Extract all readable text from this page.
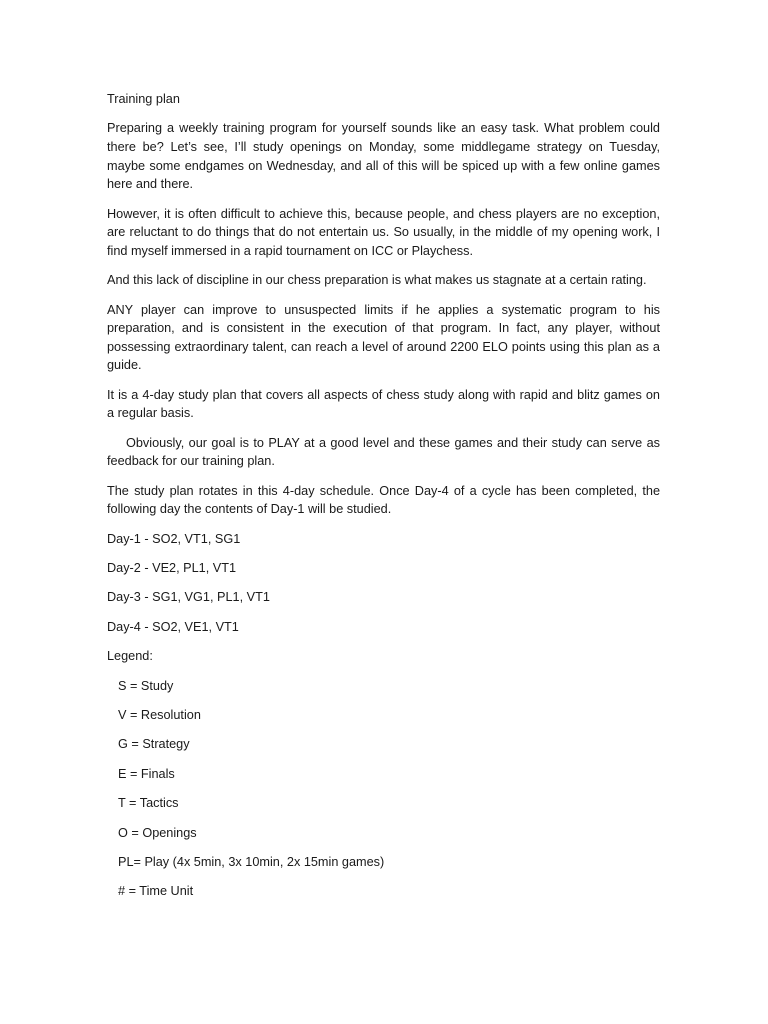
Training plan

Preparing a weekly training program for yourself sounds like an easy task. What problem could there be? Let’s see, I’ll study openings on Monday, some middlegame strategy on Tuesday, maybe some endgames on Wednesday, and all of this will be spiced up with a few online games here and there.

However, it is often difficult to achieve this, because people, and chess players are no exception, are reluctant to do things that do not entertain us. So usually, in the middle of my opening work, I find myself immersed in a rapid tournament on ICC or Playchess.

And this lack of discipline in our chess preparation is what makes us stagnate at a certain rating.

ANY player can improve to unsuspected limits if he applies a systematic program to his preparation, and is consistent in the execution of that program. In fact, any player, without possessing extraordinary talent, can reach a level of around 2200 ELO points using this plan as a guide.

It is a 4-day study plan that covers all aspects of chess study along with rapid and blitz games on a regular basis.

Obviously, our goal is to PLAY at a good level and these games and their study can serve as feedback for our training plan.

The study plan rotates in this 4-day schedule. Once Day-4 of a cycle has been completed, the following day the contents of Day-1 will be studied.

Day-1 - SO2, VT1, SG1

Day-2 - VE2, PL1, VT1

Day-3 - SG1, VG1, PL1, VT1

Day-4 - SO2, VE1, VT1

Legend:

S = Study

V = Resolution

G = Strategy

E = Finals

T = Tactics

O = Openings

PL= Play (4x 5min, 3x 10min, 2x 15min games)

# = Time Unit
